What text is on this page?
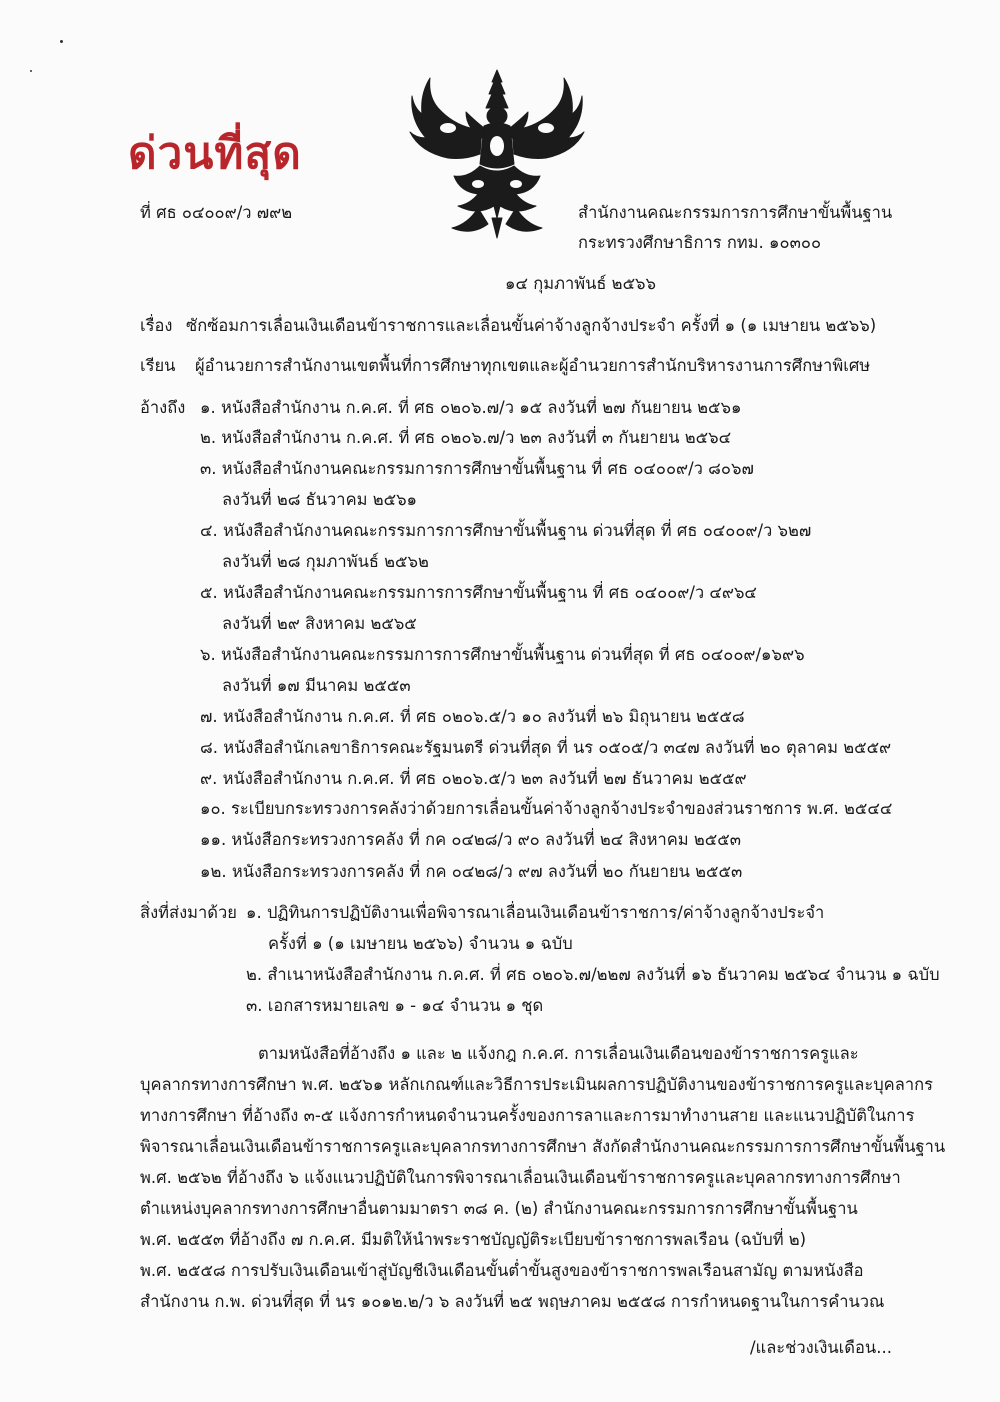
ด่วนที่สุด
ที่ ศธ ๐๔๐๐๙/ว ๗๙๒	สำนักงานคณะกรรมการการศึกษาขั้นพื้นฐาน
กระทรวงศึกษาธิการ กทม. ๑๐๓๐๐
๑๔ กุมภาพันธ์ ๒๕๖๖
เรื่อง ซักซ้อมการเลื่อนเงินเดือนข้าราชการและเลื่อนขั้นค่าจ้างลูกจ้างประจำ ครั้งที่ ๑ (๑ เมษายน ๒๕๖๖)
เรียน ผู้อำนวยการสำนักงานเขตพื้นที่การศึกษาทุกเขตและผู้อำนวยการสำนักบริหารงานการศึกษาพิเศษ
อ้างถึง ๑. หนังสือสำนักงาน ก.ค.ศ. ที่ ศธ ๐๒๐๖.๗/ว ๑๕ ลงวันที่ ๒๗ กันยายน ๒๕๖๑
๒. หนังสือสำนักงาน ก.ค.ศ. ที่ ศธ ๐๒๐๖.๗/ว ๒๓ ลงวันที่ ๓ กันยายน ๒๕๖๔
๓. หนังสือสำนักงานคณะกรรมการการศึกษาขั้นพื้นฐาน ที่ ศธ ๐๔๐๐๙/ว ๘๐๖๗
ลงวันที่ ๒๘ ธันวาคม ๒๕๖๑
๔. หนังสือสำนักงานคณะกรรมการการศึกษาขั้นพื้นฐาน ด่วนที่สุด ที่ ศธ ๐๔๐๐๙/ว ๖๒๗
ลงวันที่ ๒๘ กุมภาพันธ์ ๒๕๖๒
๕. หนังสือสำนักงานคณะกรรมการการศึกษาขั้นพื้นฐาน ที่ ศธ ๐๔๐๐๙/ว ๔๙๖๔
ลงวันที่ ๒๙ สิงหาคม ๒๕๖๕
๖. หนังสือสำนักงานคณะกรรมการการศึกษาขั้นพื้นฐาน ด่วนที่สุด ที่ ศธ ๐๔๐๐๙/๑๖๙๖
ลงวันที่ ๑๗ มีนาคม ๒๕๕๓
๗. หนังสือสำนักงาน ก.ค.ศ. ที่ ศธ ๐๒๐๖.๕/ว ๑๐ ลงวันที่ ๒๖ มิถุนายน ๒๕๕๘
๘. หนังสือสำนักเลขาธิการคณะรัฐมนตรี ด่วนที่สุด ที่ นร ๐๕๐๕/ว ๓๔๗ ลงวันที่ ๒๐ ตุลาคม ๒๕๕๙
๙. หนังสือสำนักงาน ก.ค.ศ. ที่ ศธ ๐๒๐๖.๕/ว ๒๓ ลงวันที่ ๒๗ ธันวาคม ๒๕๕๙
๑๐. ระเบียบกระทรวงการคลังว่าด้วยการเลื่อนขั้นค่าจ้างลูกจ้างประจำของส่วนราชการ พ.ศ. ๒๕๔๔
๑๑. หนังสือกระทรวงการคลัง ที่ กค ๐๔๒๘/ว ๙๐ ลงวันที่ ๒๔ สิงหาคม ๒๕๕๓
๑๒. หนังสือกระทรวงการคลัง ที่ กค ๐๔๒๘/ว ๙๗ ลงวันที่ ๒๐ กันยายน ๒๕๕๓
สิ่งที่ส่งมาด้วย ๑. ปฏิทินการปฏิบัติงานเพื่อพิจารณาเลื่อนเงินเดือนข้าราชการ/ค่าจ้างลูกจ้างประจำ
ครั้งที่ ๑ (๑ เมษายน ๒๕๖๖) จำนวน ๑ ฉบับ
๒. สำเนาหนังสือสำนักงาน ก.ค.ศ. ที่ ศธ ๐๒๐๖.๗/๒๒๗ ลงวันที่ ๑๖ ธันวาคม ๒๕๖๔ จำนวน ๑ ฉบับ
๓. เอกสารหมายเลข ๑ - ๑๔ จำนวน ๑ ชุด
ตามหนังสือที่อ้างถึง ๑ และ ๒ แจ้งกฎ ก.ค.ศ. การเลื่อนเงินเดือนของข้าราชการครูและ
บุคลากรทางการศึกษา พ.ศ. ๒๕๖๑ หลักเกณฑ์และวิธีการประเมินผลการปฏิบัติงานของข้าราชการครูและบุคลากร
ทางการศึกษา ที่อ้างถึง ๓-๕ แจ้งการกำหนดจำนวนครั้งของการลาและการมาทำงานสาย และแนวปฏิบัติในการ
พิจารณาเลื่อนเงินเดือนข้าราชการครูและบุคลากรทางการศึกษา สังกัดสำนักงานคณะกรรมการการศึกษาขั้นพื้นฐาน
พ.ศ. ๒๕๖๒ ที่อ้างถึง ๖ แจ้งแนวปฏิบัติในการพิจารณาเลื่อนเงินเดือนข้าราชการครูและบุคลากรทางการศึกษา
ตำแหน่งบุคลากรทางการศึกษาอื่นตามมาตรา ๓๘ ค. (๒) สำนักงานคณะกรรมการการศึกษาขั้นพื้นฐาน
พ.ศ. ๒๕๕๓ ที่อ้างถึง ๗ ก.ค.ศ. มีมติให้นำพระราชบัญญัติระเบียบข้าราชการพลเรือน (ฉบับที่ ๒)
พ.ศ. ๒๕๕๘ การปรับเงินเดือนเข้าสู่บัญชีเงินเดือนขั้นต่ำขั้นสูงของข้าราชการพลเรือนสามัญ ตามหนังสือ
สำนักงาน ก.พ. ด่วนที่สุด ที่ นร ๑๐๑๒.๒/ว ๖ ลงวันที่ ๒๕ พฤษภาคม ๒๕๕๘ การกำหนดฐานในการคำนวณ
/และช่วงเงินเดือน...
